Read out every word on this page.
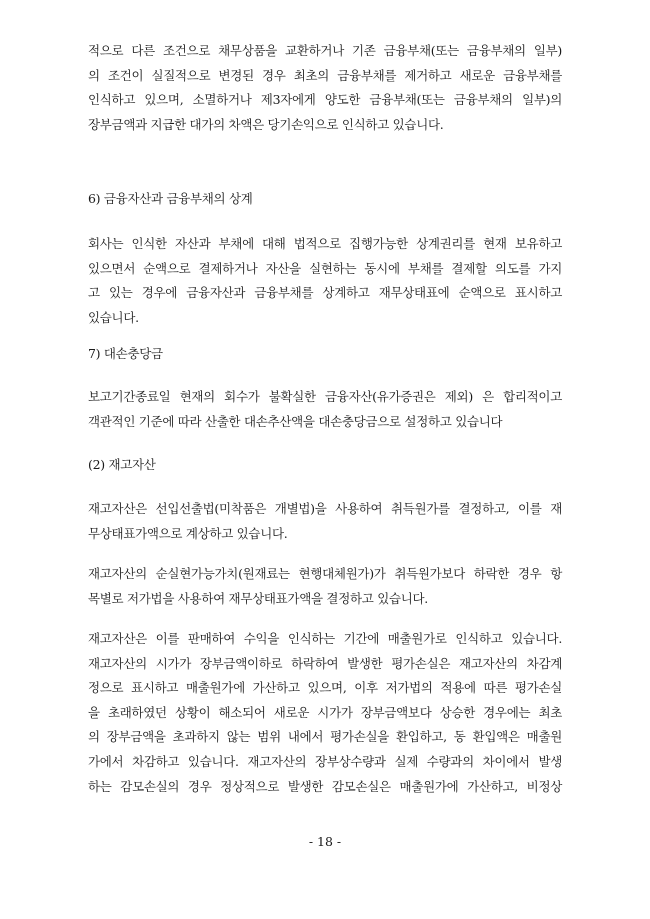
적으로 다른 조건으로 채무상품을 교환하거나 기존 금융부채(또는 금융부채의 일부)
의 조건이 실질적으로 변경된 경우 최초의 금융부채를 제거하고 새로운 금융부채를
인식하고 있으며, 소멸하거나 제3자에게 양도한 금융부채(또는 금융부채의 일부)의
장부금액과 지급한 대가의 차액은 당기손익으로 인식하고 있습니다.

6) 금융자산과 금융부채의 상계

회사는 인식한 자산과 부채에 대해 법적으로 집행가능한 상계권리를 현재 보유하고
있으면서 순액으로 결제하거나 자산을 실현하는 동시에 부채를 결제할 의도를 가지
고 있는 경우에 금융자산과 금융부채를 상계하고 재무상태표에 순액으로 표시하고
있습니다.

7) 대손충당금

보고기간종료일 현재의 회수가 불확실한 금융자산(유가증권은 제외) 은 합리적이고
객관적인 기준에 따라 산출한 대손추산액을 대손충당금으로 설정하고 있습니다

(2) 재고자산

재고자산은 선입선출법(미착품은 개별법)을 사용하여 취득원가를 결정하고, 이를 재
무상태표가액으로 계상하고 있습니다.
재고자산의 순실현가능가치(원재료는 현행대체원가)가 취득원가보다 하락한 경우 항
목별로 저가법을 사용하여 재무상태표가액을 결정하고 있습니다.
재고자산은 이를 판매하여 수익을 인식하는 기간에 매출원가로 인식하고 있습니다.
재고자산의 시가가 장부금액이하로 하락하여 발생한 평가손실은 재고자산의 차감계
정으로 표시하고 매출원가에 가산하고 있으며, 이후 저가법의 적용에 따른 평가손실
을 초래하였던 상황이 해소되어 새로운 시가가 장부금액보다 상승한 경우에는 최초
의 장부금액을 초과하지 않는 범위 내에서 평가손실을 환입하고, 동 환입액은 매출원
가에서 차감하고 있습니다. 재고자산의 장부상수량과 실제 수량과의 차이에서 발생
하는 감모손실의 경우 정상적으로 발생한 감모손실은 매출원가에 가산하고, 비정상
- 18 -
